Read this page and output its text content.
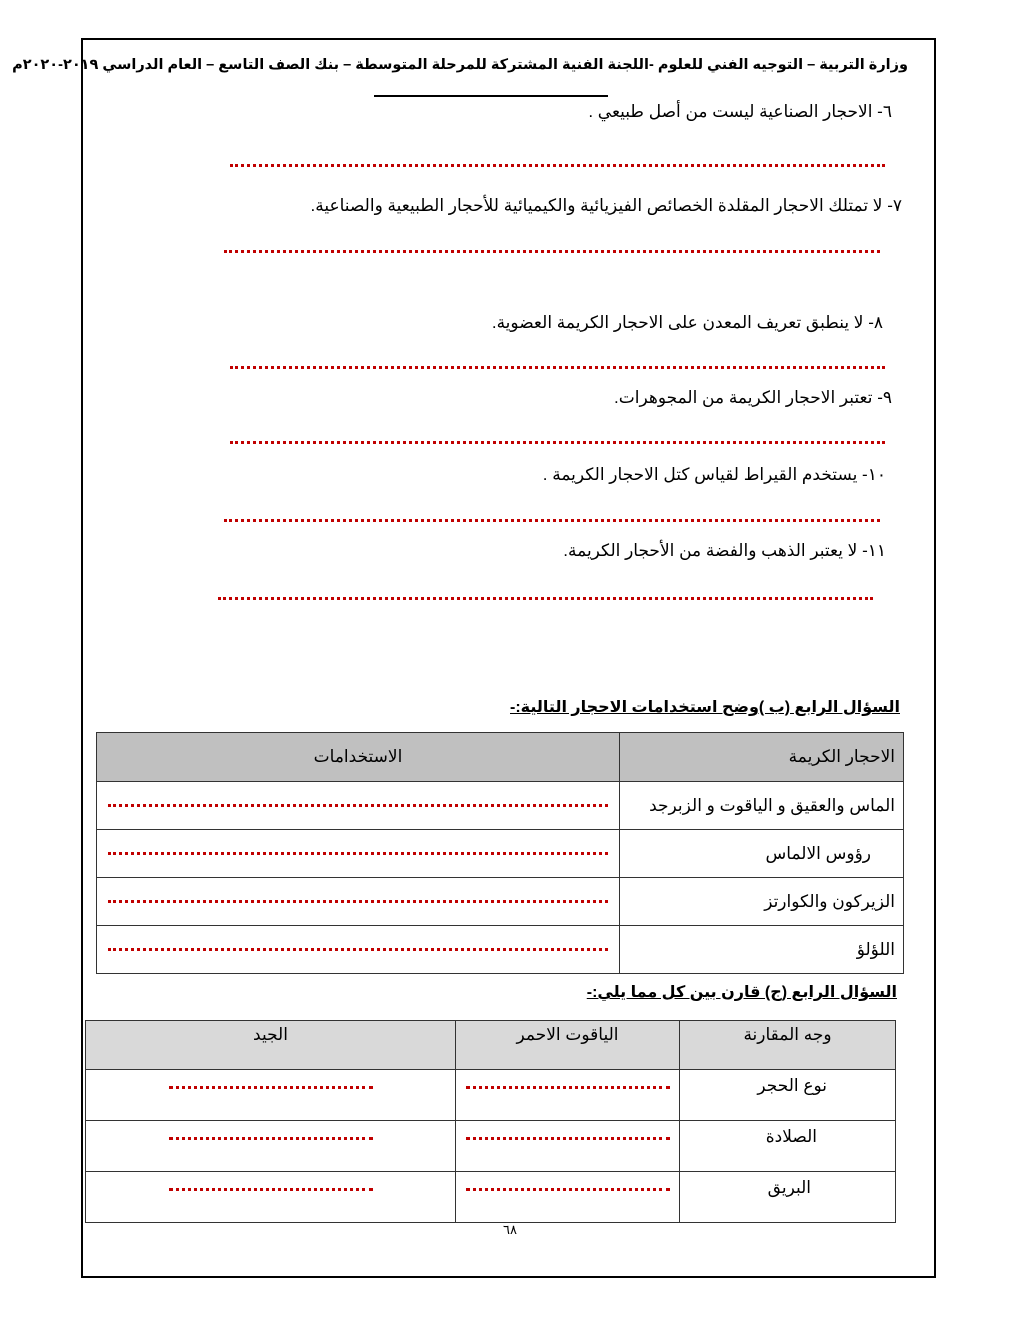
وزارة التربية – التوجيه الفني للعلوم -اللجنة الفنية المشتركة للمرحلة المتوسطة – بنك الصف التاسع – العام الدراسي ٢٠١٩-٢٠٢٠م
٦- الاحجار الصناعية ليست من أصل طبيعي .
٧- لا تمتلك الاحجار المقلدة الخصائص الفيزيائية والكيميائية للأحجار الطبيعية والصناعية.
٨- لا ينطبق تعريف المعدن على الاحجار الكريمة العضوية.
٩- تعتبر الاحجار الكريمة من المجوهرات.
١٠- يستخدم القيراط لقياس كتل الاحجار الكريمة .
١١- لا يعتبر الذهب والفضة من الأحجار الكريمة.
السؤال الرابع (ب )وضح استخدامات الاحجار التالية:-
الاحجار الكريمة	الاستخدامات
الماس والعقيق و الياقوت و الزبرجد	

رؤوس الالماس	

الزيركون والكوارتز	

اللؤلؤ	
السؤال الرابع (ج) قارن بين كل مما يلي:-
وجه المقارنة	الياقوت الاحمر	الجيد
نوع الحجر	

الصلادة	

البريق	

٦٨
